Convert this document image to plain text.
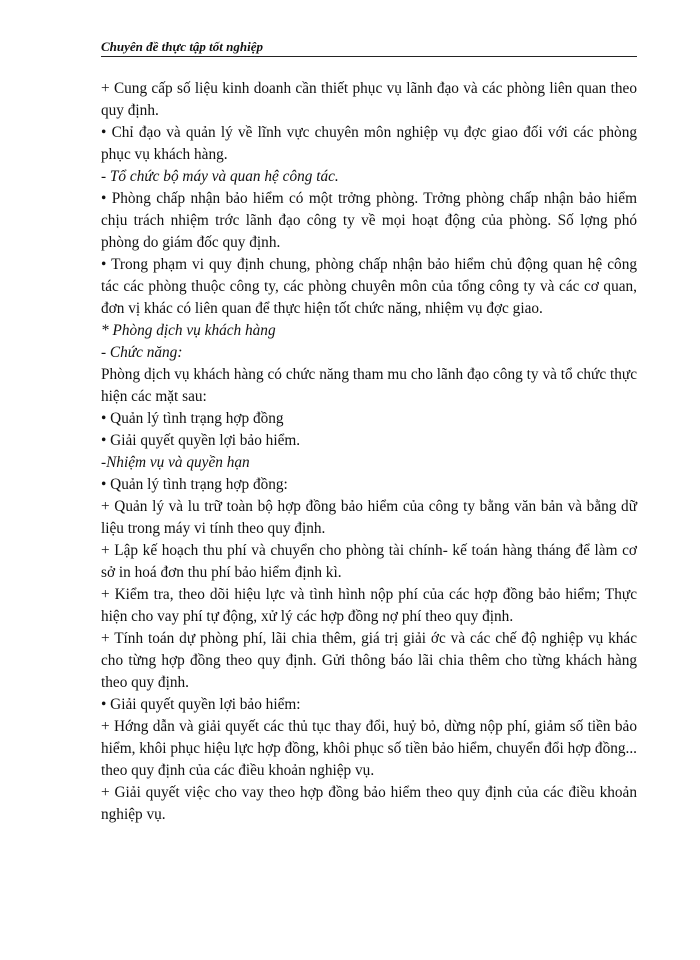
Chuyên đề thực tập tốt nghiệp

+ Cung cấp số liệu kinh doanh cần thiết phục vụ lãnh đạo và các phòng liên quan theo quy định.

• Chỉ đạo và quản lý về lĩnh vực chuyên môn nghiệp vụ đợc giao đối với các phòng phục vụ khách hàng.

- Tổ chức bộ máy và quan hệ công tác.

• Phòng chấp nhận bảo hiểm có một trởng phòng. Trởng phòng chấp nhận bảo hiểm chịu trách nhiệm trớc lãnh đạo công ty về mọi hoạt động của phòng. Số lợng phó phòng do giám đốc quy định.

• Trong phạm vi quy định chung, phòng chấp nhận bảo hiểm chủ động quan hệ công tác các phòng thuộc công ty, các phòng chuyên môn của tổng công ty và các cơ quan, đơn vị khác có liên quan để thực hiện tốt chức năng, nhiệm vụ đợc giao.

* Phòng dịch vụ khách hàng

- Chức năng:

Phòng dịch vụ khách hàng có chức năng tham mu cho lãnh đạo công ty và tổ chức thực hiện các mặt sau:

• Quản lý tình trạng hợp đồng

• Giải quyết quyền lợi bảo hiểm.

-Nhiệm vụ và quyền hạn

• Quản lý tình trạng hợp đồng:

+ Quản lý và lu trữ toàn bộ hợp đồng bảo hiểm của công ty bằng văn bản và bằng dữ liệu trong máy vi tính theo quy định.

+ Lập kế hoạch thu phí và chuyển cho phòng tài chính- kế toán hàng tháng để làm cơ sở in hoá đơn thu phí bảo hiểm định kì.

+ Kiểm tra, theo dõi hiệu lực và tình hình nộp phí của các hợp đồng bảo hiểm; Thực hiện cho vay phí tự động, xử lý các hợp đồng nợ phí theo quy định.

+ Tính toán dự phòng phí, lãi chia thêm, giá trị giải ớc và các chế độ nghiệp vụ khác cho từng hợp đồng theo quy định. Gửi thông báo lãi chia thêm cho từng khách hàng theo quy định.

• Giải quyết quyền lợi bảo hiểm:

+ Hớng dẫn và giải quyết các thủ tục thay đổi, huỷ bỏ, dừng nộp phí, giảm số tiền bảo hiểm, khôi phục hiệu lực hợp đồng, khôi phục số tiền bảo hiểm, chuyển đổi hợp đồng... theo quy định của các điều khoản nghiệp vụ.

+ Giải quyết việc cho vay theo hợp đồng bảo hiểm theo quy định của các điều khoản nghiệp vụ.
